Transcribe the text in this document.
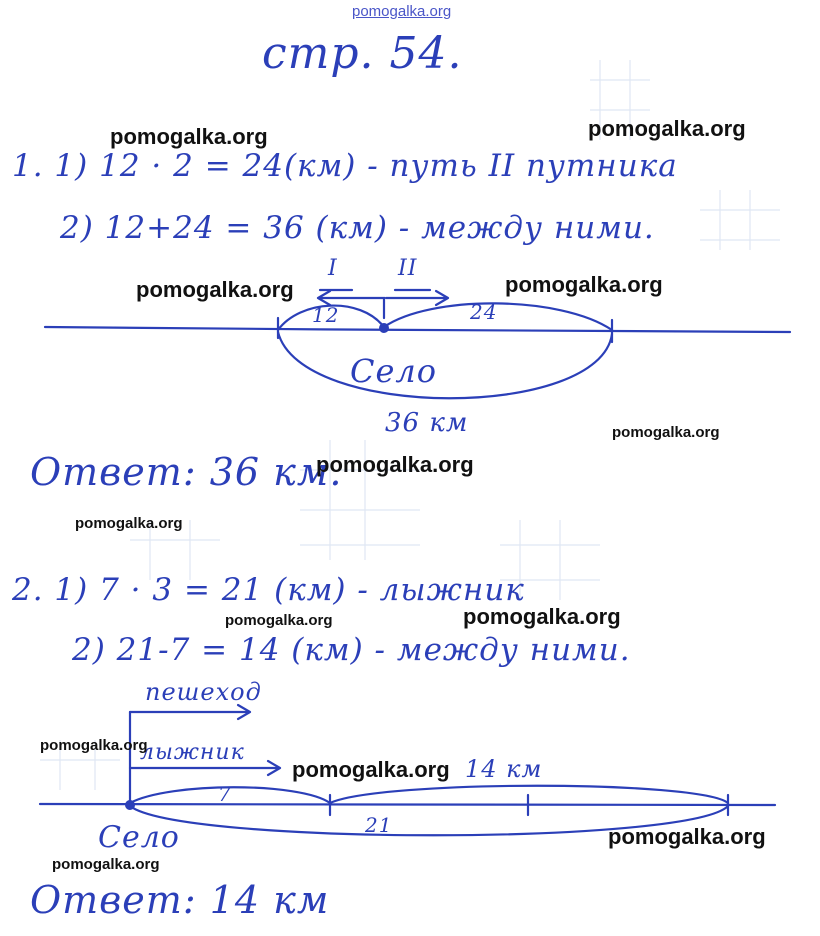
pomogalka.org
стр. 54.
1. 1) 12 · 2 = 24(км) - путь II путника
2) 12+24 = 36 (км) - между ними.
I	II
12	24
Село
36 км
Ответ: 36 км.
2. 1) 7 · 3 = 21 (км) - лыжник
2) 21-7 = 14 (км) - между ними.
пешеход
лыжник
14 км
7
21
Село
Ответ: 14 км
pomogalka.org	pomogalka.org
pomogalka.org	pomogalka.org
pomogalka.org
pomogalka.org
pomogalka.org
pomogalka.org	pomogalka.org
pomogalka.org
pomogalka.org
pomogalka.org
pomogalka.org
